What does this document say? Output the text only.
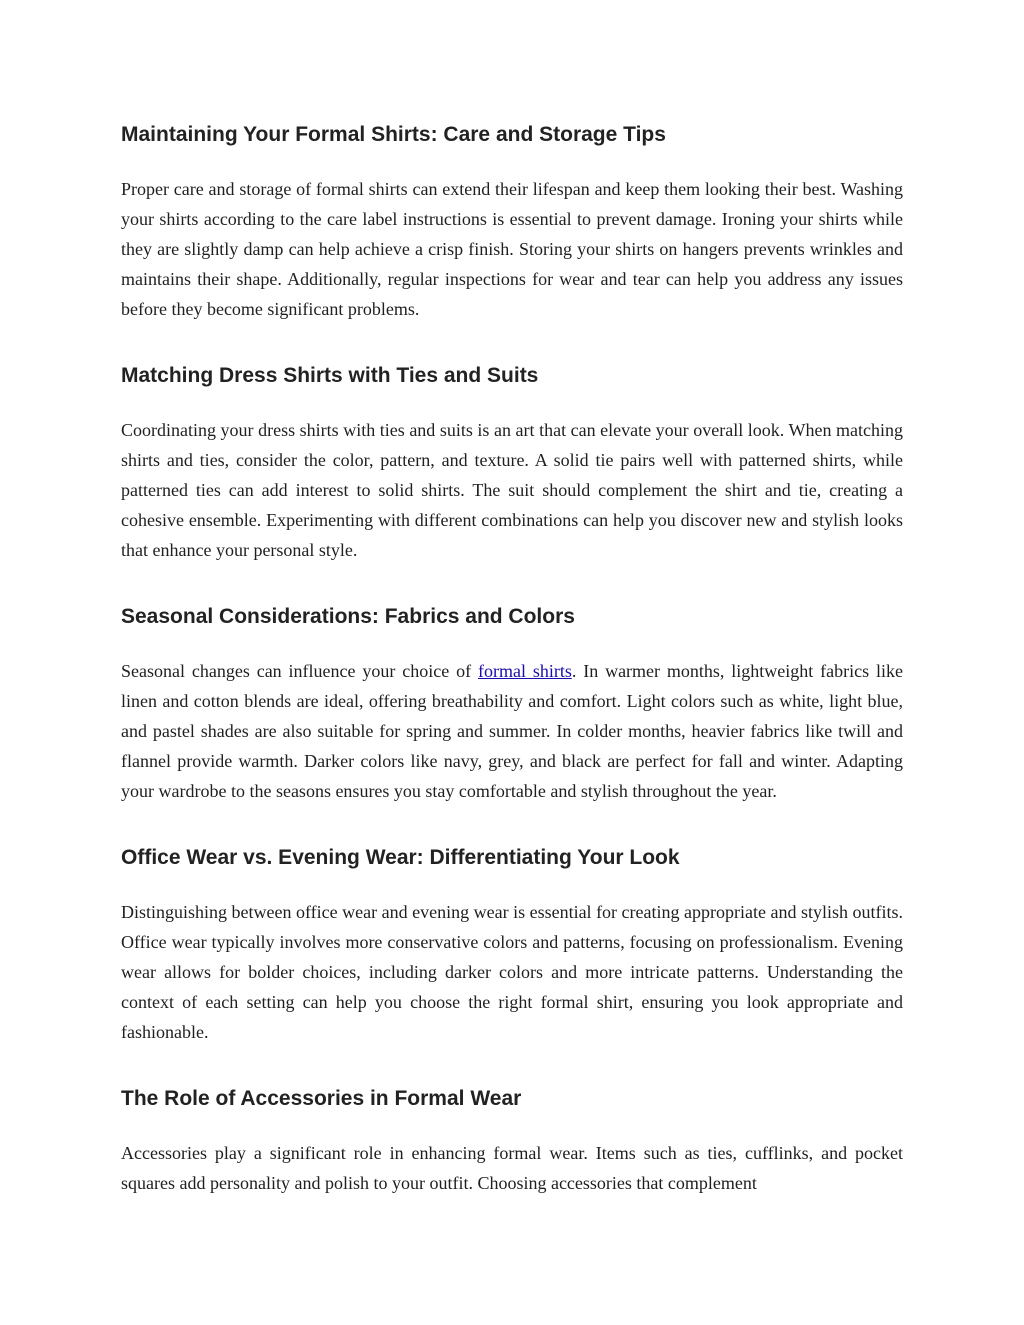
Maintaining Your Formal Shirts: Care and Storage Tips

Proper care and storage of formal shirts can extend their lifespan and keep them looking their best. Washing your shirts according to the care label instructions is essential to prevent damage. Ironing your shirts while they are slightly damp can help achieve a crisp finish. Storing your shirts on hangers prevents wrinkles and maintains their shape. Additionally, regular inspections for wear and tear can help you address any issues before they become significant problems.

Matching Dress Shirts with Ties and Suits

Coordinating your dress shirts with ties and suits is an art that can elevate your overall look. When matching shirts and ties, consider the color, pattern, and texture. A solid tie pairs well with patterned shirts, while patterned ties can add interest to solid shirts. The suit should complement the shirt and tie, creating a cohesive ensemble. Experimenting with different combinations can help you discover new and stylish looks that enhance your personal style.

Seasonal Considerations: Fabrics and Colors

Seasonal changes can influence your choice of formal shirts. In warmer months, lightweight fabrics like linen and cotton blends are ideal, offering breathability and comfort. Light colors such as white, light blue, and pastel shades are also suitable for spring and summer. In colder months, heavier fabrics like twill and flannel provide warmth. Darker colors like navy, grey, and black are perfect for fall and winter. Adapting your wardrobe to the seasons ensures you stay comfortable and stylish throughout the year.

Office Wear vs. Evening Wear: Differentiating Your Look

Distinguishing between office wear and evening wear is essential for creating appropriate and stylish outfits. Office wear typically involves more conservative colors and patterns, focusing on professionalism. Evening wear allows for bolder choices, including darker colors and more intricate patterns. Understanding the context of each setting can help you choose the right formal shirt, ensuring you look appropriate and fashionable.

The Role of Accessories in Formal Wear

Accessories play a significant role in enhancing formal wear. Items such as ties, cufflinks, and pocket squares add personality and polish to your outfit. Choosing accessories that complement
